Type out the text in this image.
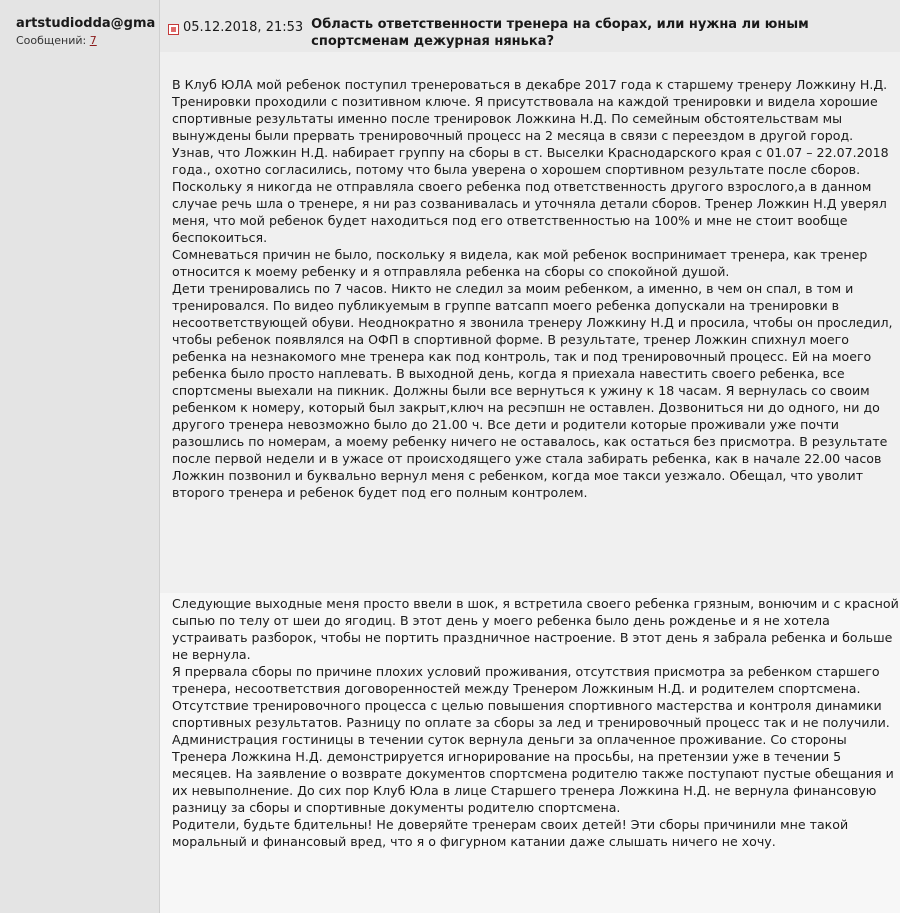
artstudiodda@gma
Сообщений: 7
05.12.2018, 21:53 Область ответственности тренера на сборах, или нужна ли юным спортсменам дежурная нянька?

В Клуб ЮЛА мой ребенок поступил тренероваться в декабре 2017 года к старшему тренеру Ложкину Н.Д. Тренировки проходили с позитивном ключе. Я присутствовала на каждой тренировки и видела хорошие спортивные результаты именно после тренировок Ложкина Н.Д. По семейным обстоятельствам мы вынуждены были прервать тренировочный процесс на 2 месяца в связи с переездом в другой город.

Узнав, что Ложкин Н.Д. набирает группу на сборы в ст. Выселки Краснодарского края с 01.07 – 22.07.2018 года., охотно согласились, потому что была уверена о хорошем спортивном результате после сборов. Поскольку я никогда не отправляла своего ребенка под ответственность другого взрослого,а в данном случае речь шла о тренере, я ни раз созванивалась и уточняла детали сборов. Тренер Ложкин Н.Д уверял меня, что мой ребенок будет находиться под его ответственностью на 100% и мне не стоит вообще беспокоиться.

Сомневаться причин не было, поскольку я видела, как мой ребенок воспринимает тренера, как тренер относится к моему ребенку и я отправляла ребенка на сборы со спокойной душой.

Дети тренировались по 7 часов. Никто не следил за моим ребенком, а именно, в чем он спал, в том и тренировался. По видео публикуемым в группе ватсапп моего ребенка допускали на тренировки в несоответствующей обуви. Неоднократно я звонила тренеру Ложкину Н.Д и просила, чтобы он проследил, чтобы ребенок появлялся на ОФП в спортивной форме. В результате, тренер Ложкин спихнул моего ребенка на незнакомого мне тренера как под контроль, так и под тренировочный процесс. Ей на моего ребенка было просто наплевать. В выходной день, когда я приехала навестить своего ребенка, все спортсмены выехали на пикник. Должны были все вернуться к ужину к 18 часам. Я вернулась со своим ребенком к номеру, который был закрыт,ключ на ресэпшн не оставлен. Дозвониться ни до одного, ни до другого тренера невозможно было до 21.00 ч. Все дети и родители которые проживали уже почти разошлись по номерам, а моему ребенку ничего не оставалось, как остаться без присмотра. В результате после первой недели и в ужасе от происходящего уже стала забирать ребенка, как в начале 22.00 часов Ложкин позвонил и буквально вернул меня с ребенком, когда мое такси уезжало. Обещал, что уволит второго тренера и ребенок будет под его полным контролем.

Следующие выходные меня просто ввели в шок, я встретила своего ребенка грязным, вонючим и с красной сыпью по телу от шеи до ягодиц. В этот день у моего ребенка было день рожденье и я не хотела устраивать разборок, чтобы не портить праздничное настроение. В этот день я забрала ребенка и больше не вернула.

Я прервала сборы по причине плохих условий проживания, отсутствия присмотра за ребенком старшего тренера, несоответствия договоренностей между Тренером Ложкиным Н.Д. и родителем спортсмена. Отсутствие тренировочного процесса с целью повышения спортивного мастерства и контроля динамики спортивных результатов. Разницу по оплате за сборы за лед и тренировочный процесс так и не получили. Администрация гостиницы в течении суток вернула деньги за оплаченное проживание. Со стороны Тренера Ложкина Н.Д. демонстрируется игнорирование на просьбы, на претензии уже в течении 5 месяцев. На заявление о возврате документов спортсмена родителю также поступают пустые обещания и их невыполнение. До сих пор Клуб Юла в лице Старшего тренера Ложкина Н.Д. не вернула финансовую разницу за сборы и спортивные документы родителю спортсмена.

Родители, будьте бдительны! Не доверяйте тренерам своих детей! Эти сборы причинили мне такой моральный и финансовый вред, что я о фигурном катании даже слышать ничего не хочу.
